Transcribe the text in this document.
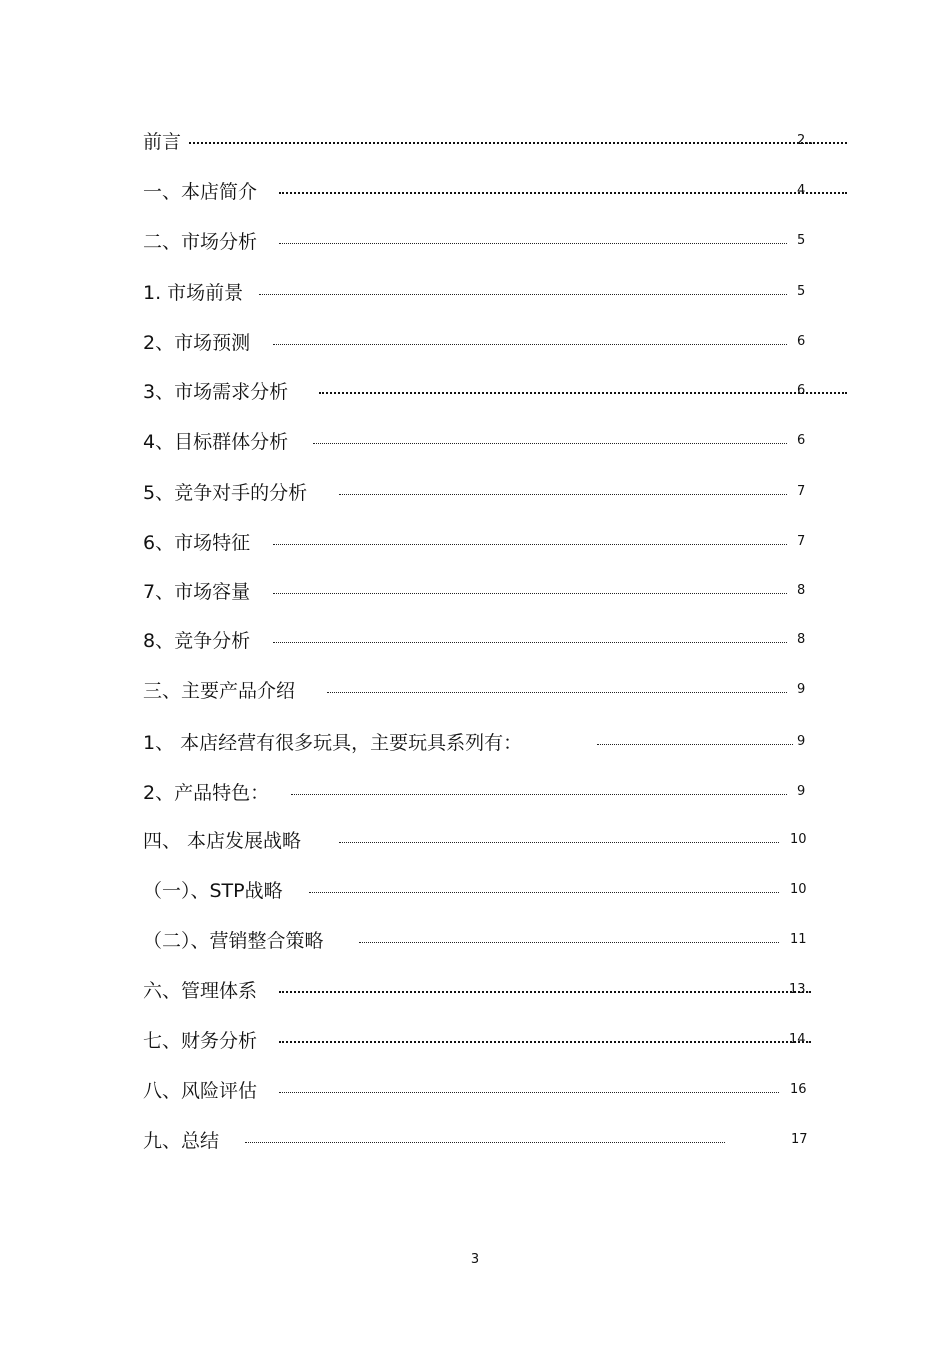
前言	2..
一、本店简介	4..
二、市场分析	5
1. 市场前景	5
2、市场预测	6
3、市场需求分析	6..
4、目标群体分析	6
5、竞争对手的分析	7
6、市场特征	7
7、市场容量	8
8、竞争分析	8
三、主要产品介绍	9
1、 本店经营有很多玩具，主要玩具系列有：	9
2、产品特色：	9
四、 本店发展战略	10
（一）、STP战略	10
（二）、营销整合策略	11
六、管理体系	13.
七、财务分析	14.
八、风险评估	16
九、总结	17
3
